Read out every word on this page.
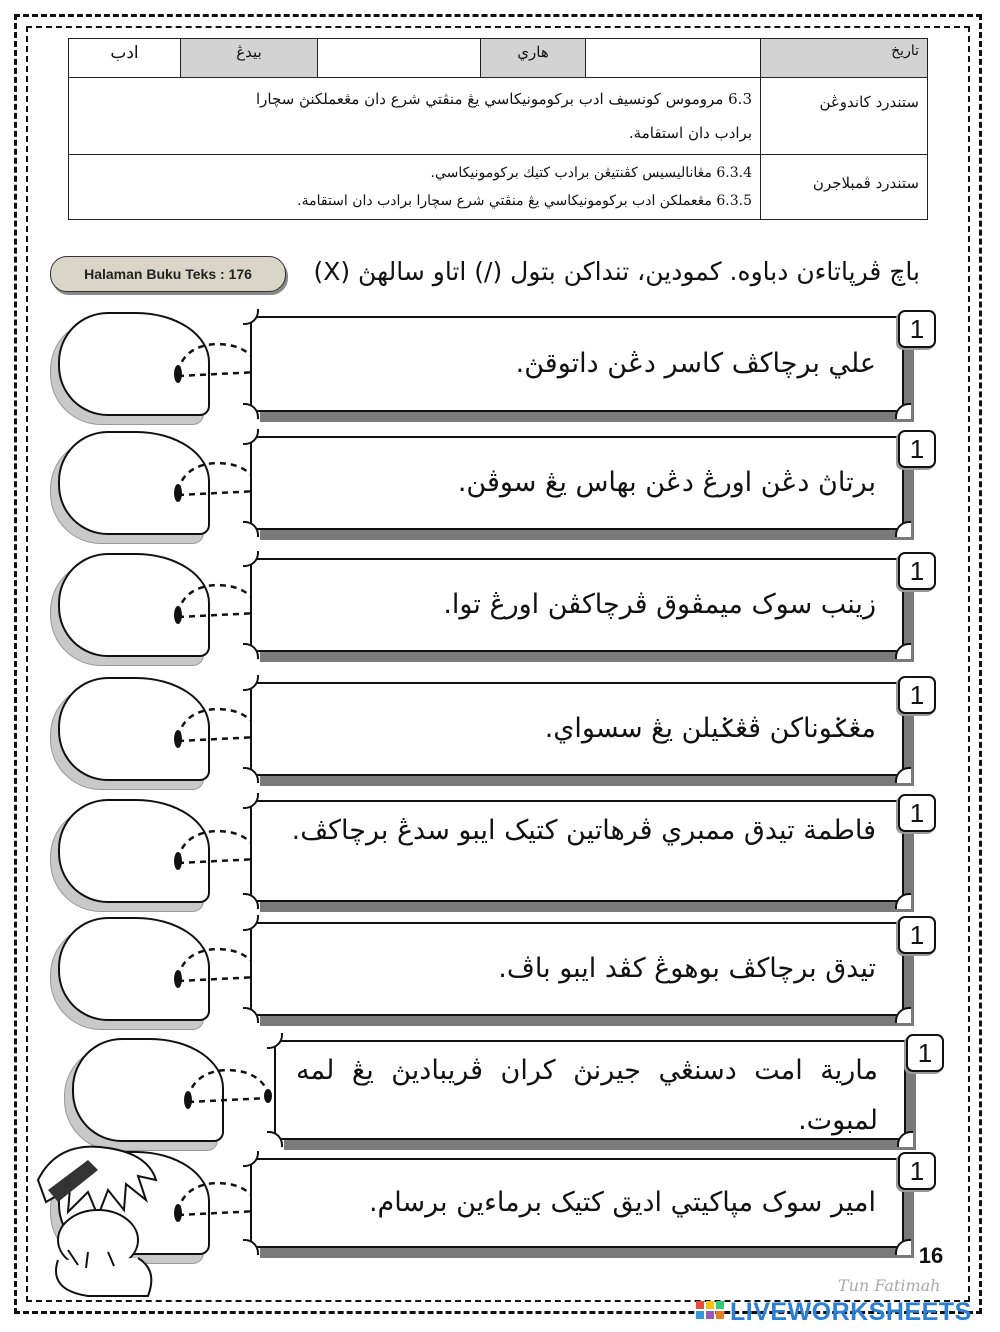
تاريخ		هاري		بيدڠ	ادب
ستندرد كاندوڠن	6.3 مروموس كونسيف ادب بركومونيكاسي يڠ منڤتي شرع دان مڠعملكنڽ سچارا
برادب دان استقامة.				

ستندرد ڤمبلاجرن	6.3.4 مڠاناليسيس كڤنتيڠن برادب كتيك بركومونيكاسي.
6.3.5 مڠعملكن ادب بركومونيكاسي يڠ منڤتي شرع سچارا برادب دان استقامة.				
Halaman Buku Teks : 176	باچ ڤرپاتاءن دباوه. كمودين، تنداكن بتول (/) اتاو سالهڽ (X)
علي برچاكڤ كاسر دڠن داتوقڽ.
1
برتاڽ دڠن اورڠ دڠن بهاس يڠ سوڤن.
1
زينب سوک ميمڤوق ڤرچاكڤن اورڠ توا.
1
مڠݢوناكن ڤڠݢيلن يڠ سسواي.
1
فاطمة تيدق ممبري ڤرهاتين كتيک ايبو سدڠ برچاكڤ.
1
تيدق برچاكڤ بوهوڠ كڤد ايبو باڤ.
1
مارية امت دسنڠي جيرنڽ كران ڤريباديڽ يڠ لمه لمبوت.
1
امير سوک مپاكيتي اديق كتيک برماءين برسام.
1
16
Tun Fatimah
LIVEWORKSHEETS
